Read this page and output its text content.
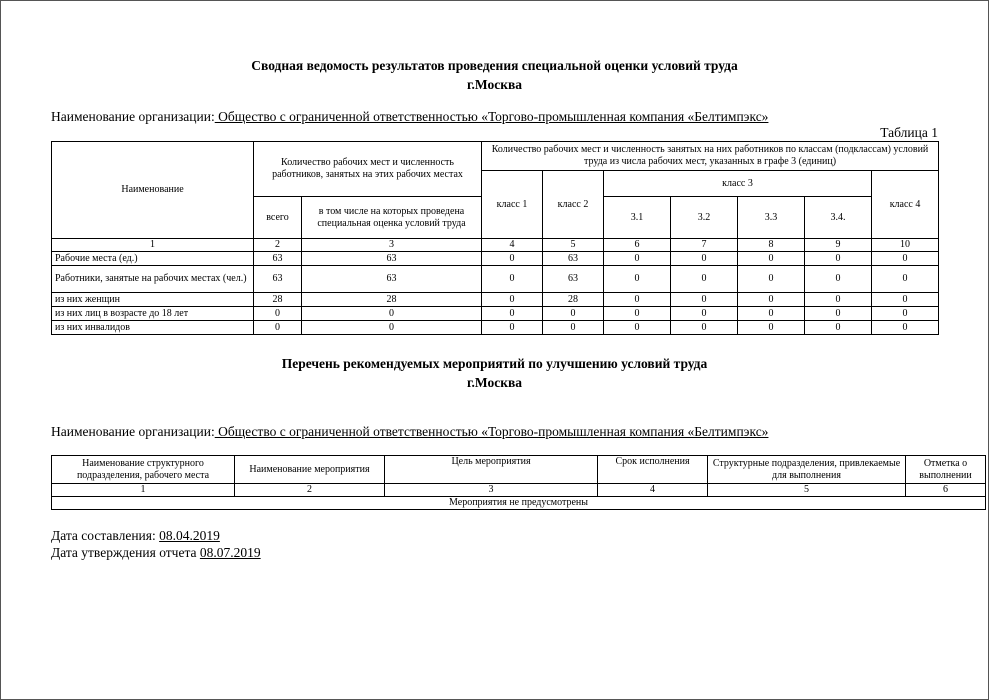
Сводная ведомость результатов проведения специальной оценки условий труда
г.Москва
Наименование организации: Общество с ограниченной ответственностью «Торгово-промышленная компания «Белтимпэкс»
Таблица 1
Наименование	Количество рабочих мест и численность работников, занятых на этих рабочих местах		Количество рабочих мест и численность занятых на них работников по классам (подклассам) условий труда из числа рабочих мест, указанных в графе 3 (единиц)						
			класс 1	класс 2	класс 3				класс 4
	всего	в том числе на которых проведена специальная оценка условий труда			3.1	3.2	3.3	3.4.	
1	2	3	4	5	6	7	8	9	10
Рабочие места (ед.)	63	63	0	63	0	0	0	0	0
Работники, занятые на рабочих местах (чел.)	63	63	0	63	0	0	0	0	0
из них женщин	28	28	0	28	0	0	0	0	0
из них лиц в возрасте до 18 лет	0	0	0	0	0	0	0	0	0
из них инвалидов	0	0	0	0	0	0	0	0	0
Перечень рекомендуемых мероприятий по улучшению условий труда
г.Москва
Наименование организации: Общество с ограниченной ответственностью «Торгово-промышленная компания «Белтимпэкс»
Наименование структурного подразделения, рабочего места	Наименование мероприятия	Цель мероприятия	Срок исполнения	Структурные подразделения, привлекаемые для выполнения	Отметка о выполнении
1	2	3	4	5	6
Мероприятия не предусмотрены					
Дата составления: 08.04.2019
Дата утверждения отчета 08.07.2019
